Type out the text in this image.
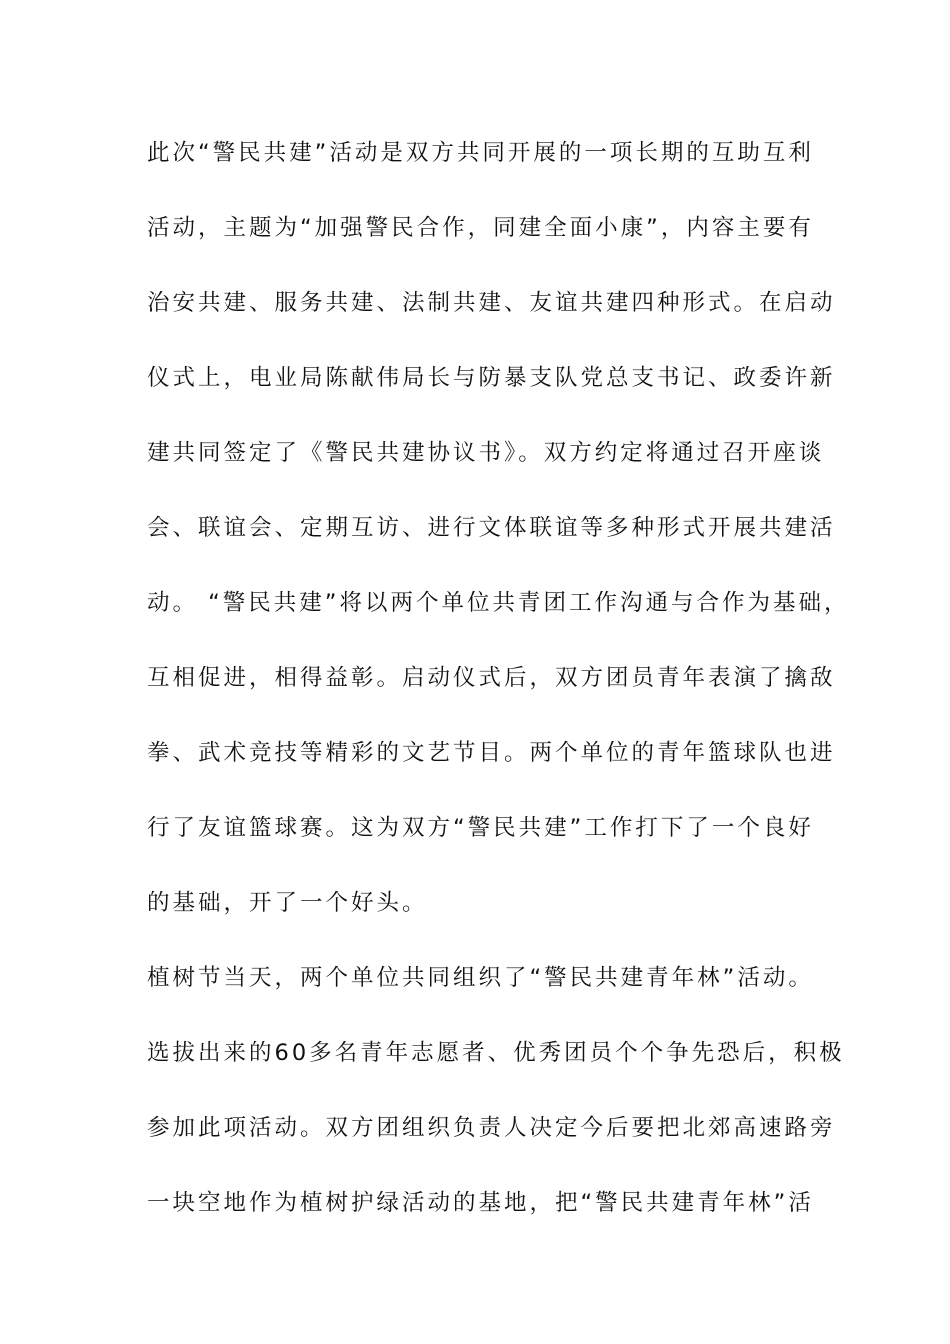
此次“警民共建”活动是双方共同开展的一项长期的互助互利
活动，主题为“加强警民合作，同建全面小康”，内容主要有
治安共建、服务共建、法制共建、友谊共建四种形式。在启动
仪式上，电业局陈献伟局长与防暴支队党总支书记、政委许新
建共同签定了《警民共建协议书》。双方约定将通过召开座谈
会、联谊会、定期互访、进行文体联谊等多种形式开展共建活
动。 “警民共建”将以两个单位共青团工作沟通与合作为基础，
互相促进，相得益彰。启动仪式后，双方团员青年表演了擒敌
拳、武术竞技等精彩的文艺节目。两个单位的青年篮球队也进
行了友谊篮球赛。这为双方“警民共建”工作打下了一个良好
的基础，开了一个好头。
植树节当天，两个单位共同组织了“警民共建青年林”活动。
选拔出来的60多名青年志愿者、优秀团员个个争先恐后，积极
参加此项活动。双方团组织负责人决定今后要把北郊高速路旁
一块空地作为植树护绿活动的基地，把“警民共建青年林”活
